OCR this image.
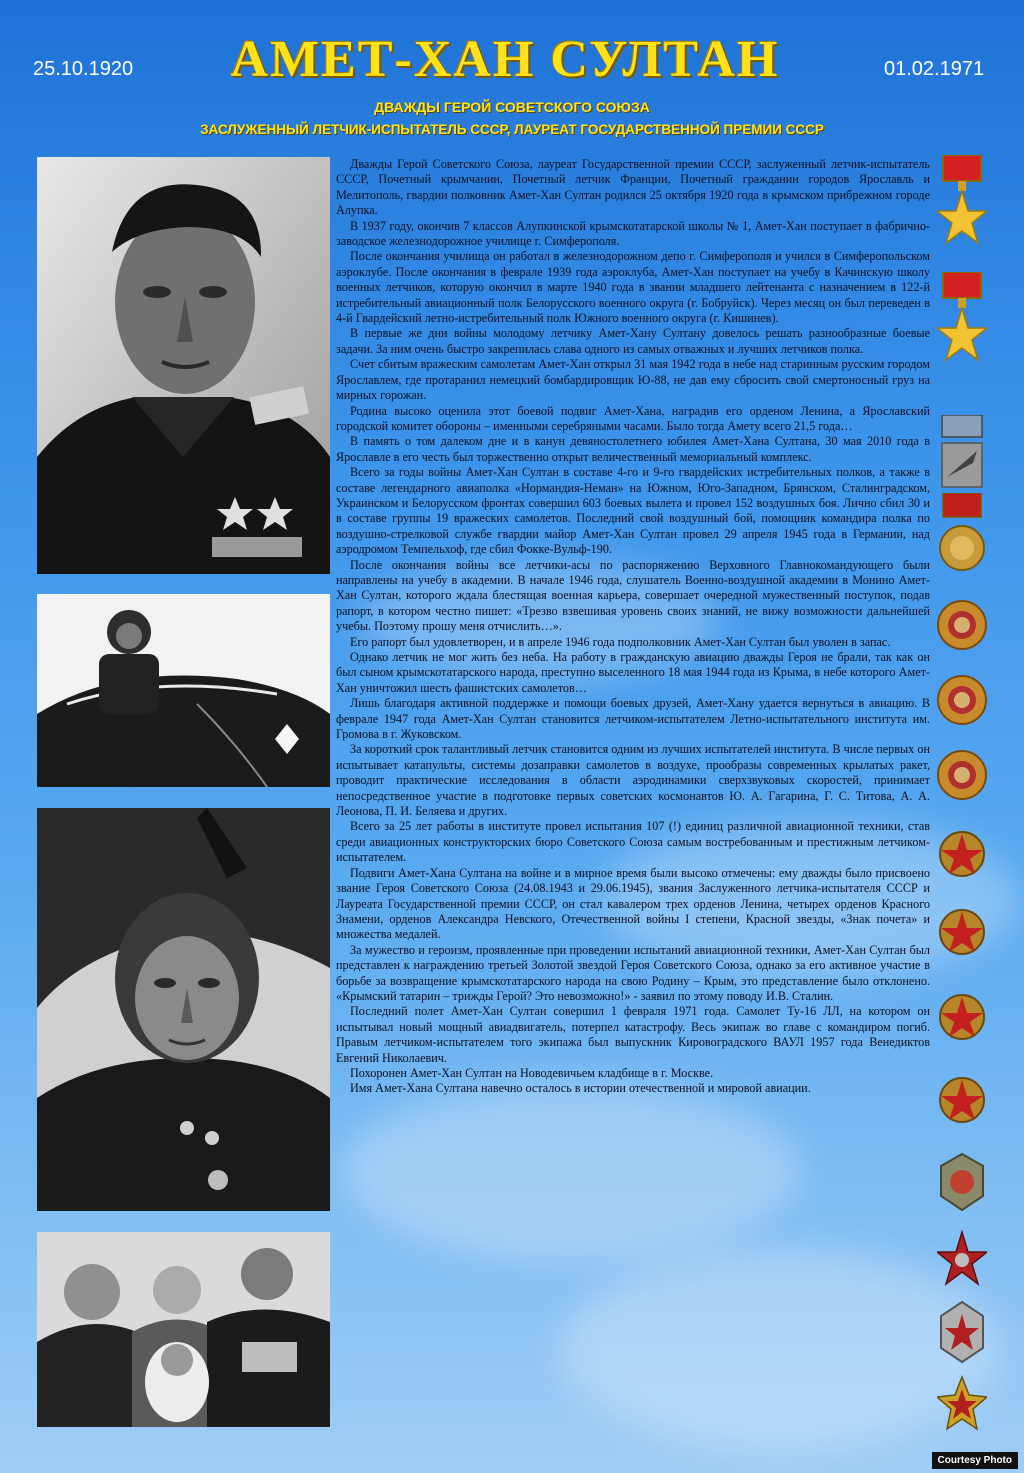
25.10.1920	01.02.1971
АМЕТ-ХАН СУЛТАН
ДВАЖДЫ ГЕРОЙ СОВЕТСКОГО СОЮЗА
ЗАСЛУЖЕННЫЙ ЛЕТЧИК-ИСПЫТАТЕЛЬ СССР, ЛАУРЕАТ ГОСУДАРСТВЕННОЙ ПРЕМИИ СССР

Дважды Герой Советского Союза, лауреат Государственной премии СССР, заслуженный летчик-испытатель СССР, Почетный крымчанин, Почетный летчик Франции, Почетный гражданин городов Ярославль и Мелитополь, гвардии полковник Амет-Хан Султан родился 25 октября 1920 года в крымском прибрежном городе Алупка.

В 1937 году, окончив 7 классов Алупкинской крымскотатарской школы № 1, Амет-Хан поступает в фабрично-заводское железнодорожное училище г. Симферополя.

После окончания училища он работал в железнодорожном депо г. Симферополя и учился в Симферопольском аэроклубе. После окончания в феврале 1939 года аэроклуба, Амет-Хан поступает на учебу в Качинскую школу военных летчиков, которую окончил в марте 1940 года в звании младшего лейтенанта с назначением в 122-й истребительный авиационный полк Белорусского военного округа (г. Бобруйск). Через месяц он был переведен в 4-й Гвардейский летно-истребительный полк Южного военного округа (г. Кишинев).

В первые же дни войны молодому летчику Амет-Хану Султану довелось решать разнообразные боевые задачи. За ним очень быстро закрепилась слава одного из самых отважных и лучших летчиков полка.

Счет сбитым вражеским самолетам Амет-Хан открыл 31 мая 1942 года в небе над старинным русским городом Ярославлем, где протаранил немецкий бомбардировщик Ю-88, не дав ему сбросить свой смертоносный груз на мирных горожан.

Родина высоко оценила этот боевой подвиг Амет-Хана, наградив его орденом Ленина, а Ярославский городской комитет обороны – именными серебряными часами. Было тогда Амету всего 21,5 года…

В память о том далеком дне и в канун девяностолетнего юбилея Амет-Хана Султана, 30 мая 2010 года в Ярославле в его честь был торжественно открыт величественный мемориальный комплекс.

Всего за годы войны Амет-Хан Султан в составе 4-го и 9-го гвардейских истребительных полков, а также в составе легендарного авиаполка «Нормандия-Неман» на Южном, Юго-Западном, Брянском, Сталинградском, Украинском и Белорусском фронтах совершил 603 боевых вылета и провел 152 воздушных боя. Лично сбил 30 и в составе группы 19 вражеских самолетов. Последний свой воздушный бой, помощник командира полка по воздушно-стрелковой службе гвардии майор Амет-Хан Султан провел 29 апреля 1945 года в Германии, над аэродромом Темпельхоф, где сбил Фокке-Вульф-190.

После окончания войны все летчики-асы по распоряжению Верховного Главнокомандующего были направлены на учебу в академии. В начале 1946 года, слушатель Военно-воздушной академии в Монино Амет-Хан Султан, которого ждала блестящая военная карьера, совершает очередной мужественный поступок, подав рапорт, в котором честно пишет: «Трезво взвешивая уровень своих знаний, не вижу возможности дальнейшей учебы. Поэтому прошу меня отчислить…».

Его рапорт был удовлетворен, и в апреле 1946 года подполковник Амет-Хан Султан был уволен в запас.

Однако летчик не мог жить без неба. На работу в гражданскую авиацию дважды Героя не брали, так как он был сыном крымскотатарского народа, преступно выселенного 18 мая 1944 года из Крыма, в небе которого Амет-Хан уничтожил шесть фашистских самолетов…

Лишь благодаря активной поддержке и помощи боевых друзей, Амет-Хану удается вернуться в авиацию. В феврале 1947 года Амет-Хан Султан становится летчиком-испытателем Летно-испытательного института им. Громова в г. Жуковском.

За короткий срок талантливый летчик становится одним из лучших испытателей института. В числе первых он испытывает катапульты, системы дозаправки самолетов в воздухе, прообразы современных крылатых ракет, проводит практические исследования в области аэродинамики сверхзвуковых скоростей, принимает непосредственное участие в подготовке первых советских космонавтов Ю. А. Гагарина, Г. С. Титова, А. А. Леонова, П. И. Беляева и других.

Всего за 25 лет работы в институте провел испытания 107 (!) единиц различной авиационной техники, став среди авиационных конструкторских бюро Советского Союза самым востребованным и престижным летчиком-испытателем.

Подвиги Амет-Хана Султана на войне и в мирное время были высоко отмечены: ему дважды было присвоено звание Героя Советского Союза (24.08.1943 и 29.06.1945), звания Заслуженного летчика-испытателя СССР и Лауреата Государственной премии СССР, он стал кавалером трех орденов Ленина, четырех орденов Красного Знамени, орденов Александра Невского, Отечественной войны I степени, Красной звезды, «Знак почета» и множества медалей.

За мужество и героизм, проявленные при проведении испытаний авиационной техники, Амет-Хан Султан был представлен к награждению третьей Золотой звездой Героя Советского Союза, однако за его активное участие в борьбе за возвращение крымскотатарского народа на свою Родину – Крым, это представление было отклонено. «Крымский татарин – трижды Герой? Это невозможно!» - заявил по этому поводу И.В. Сталин.

Последний полет Амет-Хан Султан совершил 1 февраля 1971 года. Самолет Ту-16 ЛЛ, на котором он испытывал новый мощный авиадвигатель, потерпел катастрофу. Весь экипаж во главе с командиром погиб. Правым летчиком-испытателем того экипажа был выпускник Кировоградского ВАУЛ 1957 года Венедиктов Евгений Николаевич.

Похоронен Амет-Хан Султан на Новодевичьем кладбище в г. Москве.

Имя Амет-Хана Султана навечно осталось в истории отечественной и мировой авиации.

Courtesy Photo
